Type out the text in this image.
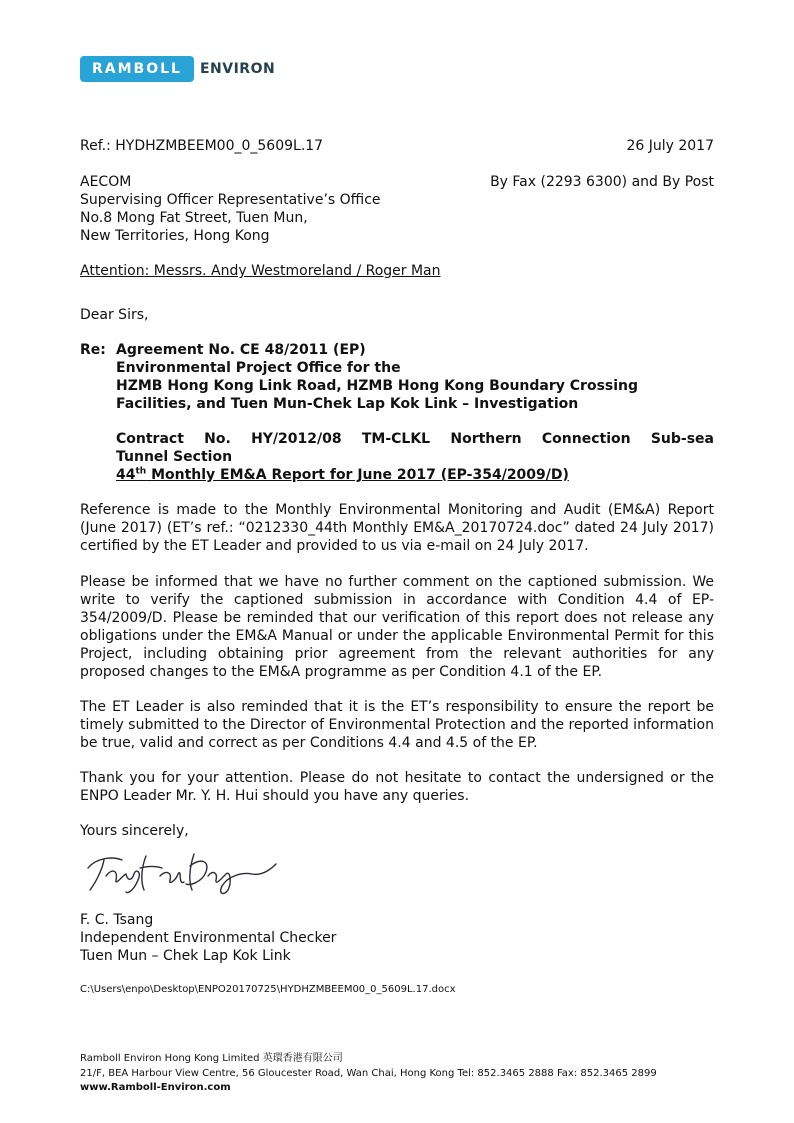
RAMBOLL	ENVIRON
Ref.: HYDHZMBEEM00_0_5609L.17	26 July 2017
AECOM
Supervising Officer Representative’s Office
No.8 Mong Fat Street, Tuen Mun,
New Territories, Hong Kong
By Fax (2293 6300) and By Post
Attention: Messrs. Andy Westmoreland / Roger Man
Dear Sirs,
Re: Agreement No. CE 48/2011 (EP)
Environmental Project Office for the
HZMB Hong Kong Link Road, HZMB Hong Kong Boundary Crossing
Facilities, and Tuen Mun-Chek Lap Kok Link – Investigation
Contract No. HY/2012/08 TM-CLKL Northern Connection Sub-sea
Tunnel Section
44th Monthly EM&A Report for June 2017 (EP-354/2009/D)
Reference is made to the Monthly Environmental Monitoring and Audit (EM&A) Report (June 2017) (ET’s ref.: “0212330_44th Monthly EM&A_20170724.doc” dated 24 July 2017) certified by the ET Leader and provided to us via e-mail on 24 July 2017.
Please be informed that we have no further comment on the captioned submission. We write to verify the captioned submission in accordance with Condition 4.4 of EP-354/2009/D. Please be reminded that our verification of this report does not release any obligations under the EM&A Manual or under the applicable Environmental Permit for this Project, including obtaining prior agreement from the relevant authorities for any proposed changes to the EM&A programme as per Condition 4.1 of the EP.
The ET Leader is also reminded that it is the ET’s responsibility to ensure the report be timely submitted to the Director of Environmental Protection and the reported information be true, valid and correct as per Conditions 4.4 and 4.5 of the EP.
Thank you for your attention. Please do not hesitate to contact the undersigned or the ENPO Leader Mr. Y. H. Hui should you have any queries.
Yours sincerely,
F. C. Tsang
Independent Environmental Checker
Tuen Mun – Chek Lap Kok Link
C:\Users\enpo\Desktop\ENPO20170725\HYDHZMBEEM00_0_5609L.17.docx
Ramboll Environ Hong Kong Limited 英環香港有限公司
21/F, BEA Harbour View Centre, 56 Gloucester Road, Wan Chai, Hong Kong Tel: 852.3465 2888 Fax: 852.3465 2899
www.Ramboll-Environ.com
